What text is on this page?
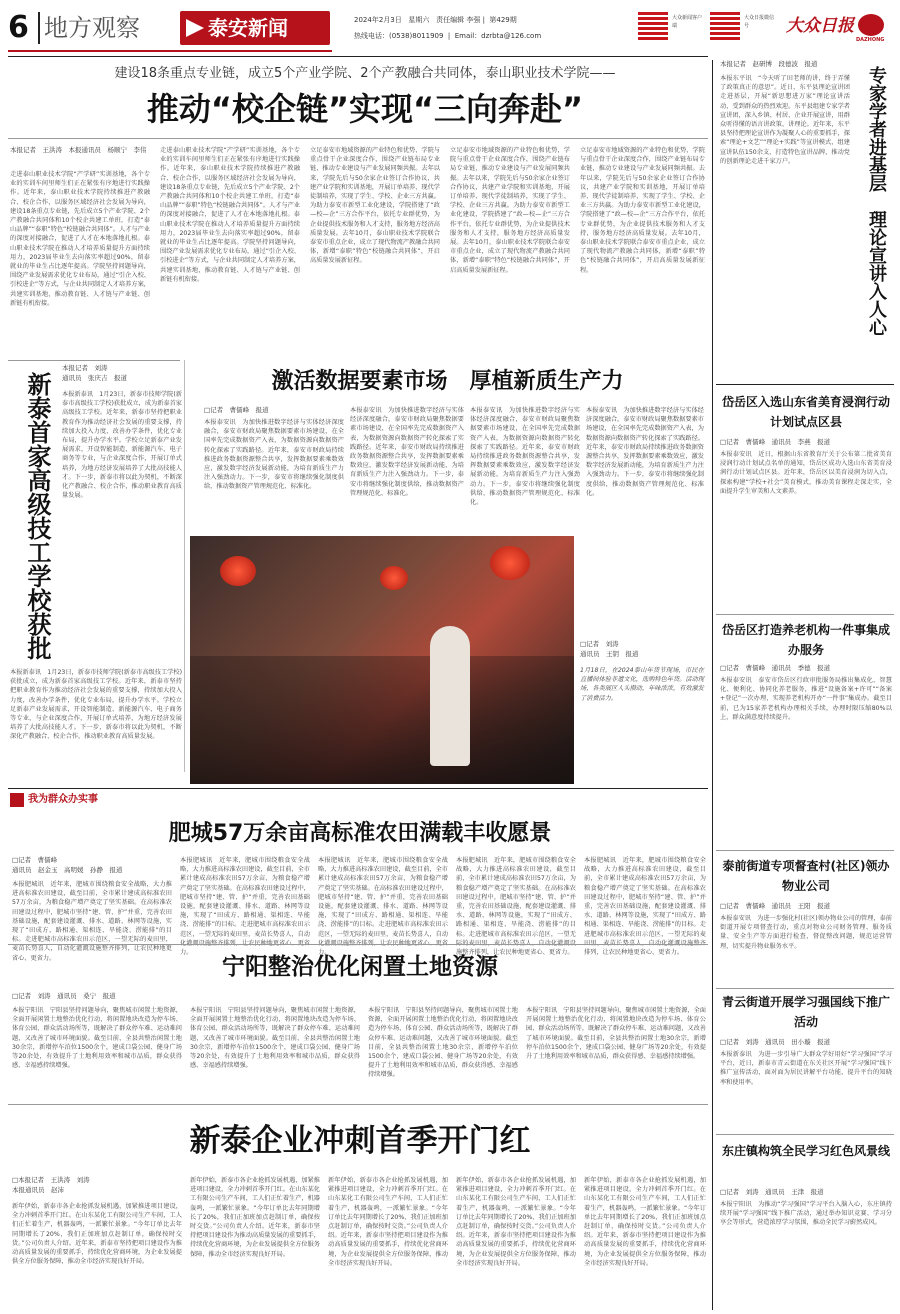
6 地方观察	泰安新闻	2024年2月3日 星期六 责任编辑 李强 |  第429期
热线电话：(0538)8011909  |  Email：dzrbta@126.com
大众新闻客户端
大众日报微信号	大众日报
DAZHONG
建设18条重点专业链，成立5个产业学院、2个产教融合共同体，泰山职业技术学院——
推动“校企链”实现“三向奔赴”
本报记者　王洪涛　本报通讯员　杨顺宁　李伟
走进泰山职业技术学院“产学研”实训基地，各个专业的实训车间里师生们正在紧张有序地进行实践操作。近年来，泰山职业技术学院持续推进产教融合、校企合作，以服务区域经济社会发展为导向，建设18条重点专业链，先后成立5个产业学院、2个产教融合共同体和10个校企共建工单班，打造“泰山品牌”“泰职”特色“校链融合共同体”。人才与产业的深度对接融合，促进了人才在本地落地扎根。泰山职业技术学院在推动人才培养质量提升方面持续用力，2023届毕业生去向落实率超过90%，留泰就业的毕业生占比逐年提高。学院坚持问题导向，围绕产业发展需求优化专业布局，通过“引企入校、引校进企”等方式，与企业共同制定人才培养方案，共建实训基地，推动教育链、人才链与产业链、创新链有机衔接。
走进泰山职业技术学院“产学研”实训基地，各个专业的实训车间里师生们正在紧张有序地进行实践操作。近年来，泰山职业技术学院持续推进产教融合、校企合作，以服务区域经济社会发展为导向，建设18条重点专业链，先后成立5个产业学院、2个产教融合共同体和10个校企共建工单班，打造“泰山品牌”“泰职”特色“校链融合共同体”。人才与产业的深度对接融合，促进了人才在本地落地扎根。泰山职业技术学院在推动人才培养质量提升方面持续用力，2023届毕业生去向落实率超过90%，留泰就业的毕业生占比逐年提高。学院坚持问题导向，围绕产业发展需求优化专业布局，通过“引企入校、引校进企”等方式，与企业共同制定人才培养方案，共建实训基地，推动教育链、人才链与产业链、创新链有机衔接。
立足泰安市地域资源的产业特色和优势，学院与重点骨干企业深度合作，围绕产业链布局专业链，推动专业建设与产业发展同频共振。去年以来，学院先后与50余家企业签订合作协议，共建产业学院和实训基地，开展订单培养、现代学徒制培养，实现了学生、学校、企业三方共赢。为助力泰安市新型工业化建设，学院搭建了“政—校—企”三方合作平台，依托专业群优势，为企业提供技术服务和人才支持，服务地方经济高质量发展。去年10月，泰山职业技术学院联合泰安市重点企业，成立了现代物流产教融合共同体，新增“泰职”特色“校链融合共同体”，开启高质量发展新征程。
立足泰安市地域资源的产业特色和优势，学院与重点骨干企业深度合作，围绕产业链布局专业链，推动专业建设与产业发展同频共振。去年以来，学院先后与50余家企业签订合作协议，共建产业学院和实训基地，开展订单培养、现代学徒制培养，实现了学生、学校、企业三方共赢。为助力泰安市新型工业化建设，学院搭建了“政—校—企”三方合作平台，依托专业群优势，为企业提供技术服务和人才支持，服务地方经济高质量发展。去年10月，泰山职业技术学院联合泰安市重点企业，成立了现代物流产教融合共同体，新增“泰职”特色“校链融合共同体”，开启高质量发展新征程。
立足泰安市地域资源的产业特色和优势，学院与重点骨干企业深度合作，围绕产业链布局专业链，推动专业建设与产业发展同频共振。去年以来，学院先后与50余家企业签订合作协议，共建产业学院和实训基地，开展订单培养、现代学徒制培养，实现了学生、学校、企业三方共赢。为助力泰安市新型工业化建设，学院搭建了“政—校—企”三方合作平台，依托专业群优势，为企业提供技术服务和人才支持，服务地方经济高质量发展。去年10月，泰山职业技术学院联合泰安市重点企业，成立了现代物流产教融合共同体，新增“泰职”特色“校链融合共同体”，开启高质量发展新征程。
本报记者　赵研博　段德波　报道
本报东平讯　“今天听了田老师的讲，终于弄懂了政策真正的意思”。近日，东平县理论宣讲团走进基层，开展“新思想进万家”理论宣讲活动，受到群众的热烈欢迎。东平县组建专家学者宣讲团，深入乡镇、村居、企业开展宣讲，用群众听得懂的语言讲政策、讲理论。近年来，东平县坚持把理论宣讲作为凝聚人心的重要抓手，探索“理论+文艺”“理论+实践”等宣讲模式，组建宣讲队伍150余支，打造特色宣讲品牌，推动党的创新理论走进千家万户。	专家学者进基层　理论宣讲入人心
本报记者　刘涛
通讯员　张庆吉　报道
新泰首家高级技工学校获批	本报新泰讯　1月23日，新泰市技师学院(新泰市高级技工学校)获批成立，成为新泰首家高级技工学校。近年来，新泰市坚持把职业教育作为推动经济社会发展的重要支撑，持续加大投入力度，改善办学条件，优化专业布局，提升办学水平。学校立足新泰产业发展需求，开设智能制造、新能源汽车、电子商务等专业，与企业深度合作，开展订单式培养，为地方经济发展培养了大批高技能人才。下一步，新泰市将以此为契机，不断深化产教融合、校企合作，推动职业教育高质量发展。
本报新泰讯　1月23日，新泰市技师学院(新泰市高级技工学校)获批成立，成为新泰首家高级技工学校。近年来，新泰市坚持把职业教育作为推动经济社会发展的重要支撑，持续加大投入力度，改善办学条件，优化专业布局，提升办学水平。学校立足新泰产业发展需求，开设智能制造、新能源汽车、电子商务等专业，与企业深度合作，开展订单式培养，为地方经济发展培养了大批高技能人才。下一步，新泰市将以此为契机，不断深化产教融合、校企合作，推动职业教育高质量发展。
激活数据要素市场　厚植新质生产力
□记者　曹儒峰　报道
本报泰安讯　为加快推进数字经济与实体经济深度融合，泰安市财政局聚焦数据要素市场建设，在全国率先完成数据资产入表，为数据资源向数据资产转化探索了实践路径。近年来，泰安市财政局持续推进政务数据资源整合共享，发挥数据要素乘数效应，激发数字经济发展新动能，为培育新质生产力注入强劲动力。下一步，泰安市将继续强化制度供给，推动数据资产管理规范化、标准化。
本报泰安讯　为加快推进数字经济与实体经济深度融合，泰安市财政局聚焦数据要素市场建设，在全国率先完成数据资产入表，为数据资源向数据资产转化探索了实践路径。近年来，泰安市财政局持续推进政务数据资源整合共享，发挥数据要素乘数效应，激发数字经济发展新动能，为培育新质生产力注入强劲动力。下一步，泰安市将继续强化制度供给，推动数据资产管理规范化、标准化。
本报泰安讯　为加快推进数字经济与实体经济深度融合，泰安市财政局聚焦数据要素市场建设，在全国率先完成数据资产入表，为数据资源向数据资产转化探索了实践路径。近年来，泰安市财政局持续推进政务数据资源整合共享，发挥数据要素乘数效应，激发数字经济发展新动能，为培育新质生产力注入强劲动力。下一步，泰安市将继续强化制度供给，推动数据资产管理规范化、标准化。
本报泰安讯　为加快推进数字经济与实体经济深度融合，泰安市财政局聚焦数据要素市场建设，在全国率先完成数据资产入表，为数据资源向数据资产转化探索了实践路径。近年来，泰安市财政局持续推进政务数据资源整合共享，发挥数据要素乘数效应，激发数字经济发展新动能，为培育新质生产力注入强劲动力。下一步，泰安市将继续强化制度供给，推动数据资产管理规范化、标准化。
□记者　刘涛
通讯员　王钥　报道
1月18日，在2024泰山年货节现场，市民在直播间体验非遗文化，选购特色年货。活动现场，各类展区人头攒动，年味浓浓，有效激发了消费活力。
岱岳区入选山东省美育浸润行动计划试点区县
□记者　曹儒峰　通讯员　李燕　报道
本报泰安讯　近日，根据山东省教育厅关于公布第二批省美育浸润行动计划试点名单的通知，岱岳区成功入选山东省美育浸润行动计划试点区县。近年来，岱岳区以美育浸润为切入点，探索构建“学校+社会”美育模式，推动美育课程走深走实，全面提升学生审美和人文素养。
岱岳区打造养老机构一件事集成办服务
□记者　曹儒峰　通讯员　季德　报道
本报泰安讯　泰安市岱岳区行政审批服务局推出集成化、智慧化、便利化、协同化养老服务，推进“设施备案+许可”“备案+登记”一次办理，实现养老机构开办“一件事”集成办。截至目前，已为15家养老机构办理相关手续，办理时限压缩80%以上，群众满意度持续提升。
我为群众办实事
肥城57万余亩高标准农田满载丰收愿景
□记者　曹儒峰
通讯员　赵金玉　高明媛　孙静　报道
本报肥城讯　近年来，肥城市围绕粮食安全战略，大力推进高标准农田建设，截至目前，全市累计建成高标准农田57万余亩，为粮食稳产增产奠定了坚实基础。在高标准农田建设过程中，肥城市坚持“建、管、护”并重，完善农田基础设施，配套建设灌溉、排水、道路、林网等设施，实现了“田成方、路相通、渠相连、旱能浇、涝能排”的目标。走进肥城市高标准农田示范区，一望无际的麦田里，麦苗长势喜人，自动化灌溉设施整齐排列，让农民种地更省心、更省力。
本报肥城讯　近年来，肥城市围绕粮食安全战略，大力推进高标准农田建设，截至目前，全市累计建成高标准农田57万余亩，为粮食稳产增产奠定了坚实基础。在高标准农田建设过程中，肥城市坚持“建、管、护”并重，完善农田基础设施，配套建设灌溉、排水、道路、林网等设施，实现了“田成方、路相通、渠相连、旱能浇、涝能排”的目标。走进肥城市高标准农田示范区，一望无际的麦田里，麦苗长势喜人，自动 力。
本报肥城讯　近年来，肥城市围绕粮食安全战略，大力推进高标准农田建设，截至目前，全市累计建成高标准农田57万余亩，为粮食稳产增产奠定了坚实基础。在高标准农田建设过程中，肥城市坚持“建、管、护”并重，完善农田基础设施，配套建设灌溉、排水、道路、林网等设施，实现了“田成方、路相通、渠相连、旱能浇、涝能排”的目标。走进肥城市高标准农田示范区，一望无际的麦田里，麦苗长势喜人，自动 力。
本报肥城讯　近年来，肥城市围绕粮食安全战略，大力推进高标准农田建设，截至目前，全市累计建成高标准农田57万余亩，为粮食稳产增产奠定了坚实基础。在高标准农田建设过程中，肥城市坚持“建、管、护”并重，完善农田基础设施，配套建设灌溉、排水、道路、林网等设施，实现了“田成方、路相通、渠相连、旱能浇、涝能排”的目标。走进肥城市高标准农田示范区，一望无 施整齐排列，让农民种地更省心、更省力。
本报肥城讯　近年来，肥城市围绕粮食安全战略，大力推进高标准农田建设，截至目前，全市累计建成高标准农田57万余亩，为粮食稳产增产奠定了坚实基础。在高标准农田建设过程中，肥城市坚持“建、管、护”并重，完善农田基础设施，配套建设灌溉、排水、道路、林网等设施，实现了“田成方、路相通、渠相连、旱能浇、涝能排”的目标。走进肥城市高标准农田示范区，一望无际的麦 排列，让农民种地更省心、更省力。
宁阳整治优化闲置土地资源
□记者　刘涛　通讯员　桑宁　报道
本报宁阳讯　宁阳县坚持问题导向，聚焦城市闲置土地资源，全面开展闲置土地整治优化行动，将闲置地块改造为停车场、体育公园、群众活动场所等，既解决了群众停车难、运动难问题，又改善了城市环境面貌。截至目前，全县共整治闲置土地30余宗，新增停车泊位1500余个，建成口袋公园、健身广场等20余处，有效提升了土地利用效率和城市品质，群众获得感、幸福感持续增强。
本报宁阳讯　宁阳县坚持问题导向，聚焦城市闲置土地资源，全面开展闲置土地整治优化行动，将闲置地块改造为停车场、体育公园、群众活动场所等，既解决了群众停车难、运动难问题，又改善了城市环境面貌。截至目前，全县共整治闲置土地30余宗，新增停车泊位1500余个，建成口袋公园、健身广场等20余处，有效提升了土地利用效率和城市品质，群众获得感、幸福感持续增强。
本报宁阳讯　宁阳县坚持问题导向，聚焦城市闲置土地资源，全面开展闲置土地整治优化行动，将闲置地块改造为停车场、体育公园、群众活动场所等，既解决了群众停车难、运动难问题，又改善了城市环境面貌。截至目前，全县共整治闲置土地30余宗，新增停车泊位1500余个，建成口袋公园、健身广场等20余处，有效提升了土地利用效率和城市品质，群众获得感、幸福感持续增强。
本报宁阳讯　宁阳县坚持问题导向，聚焦城市闲置土地资源，全面开展闲置土地整治优化行动，将闲置地块改造为停车场、体育公园、群众活动场所等，既解决了群众停车难、运动难问题，又改善了城市环境面貌。截至目前，全县共整治闲置土地30余宗，新增停车泊位1500余个，建成口袋公园、健身广场等20余处，有效提升了土地利用效率和城市品质，群众获得感、幸福感持续增强。
新泰企业冲刺首季开门红
□本报记者　王洪涛　刘涛
本报通讯员　赵沛
新年伊始，新泰市各企业抢抓发展机遇，加紧推进项目建设，全力冲刺首季开门红。在山东某化工有限公司生产车间，工人们正忙着生产，机器轰鸣，一派繁忙景象。“今年订单比去年同期增长了20%，我们正加班加点赶制订单，确保按时交货。”公司负责人介绍。近年来，新泰市坚持把项目建设作为推动高质量发展的重要抓手，持续优化营商环境，为企业发展提供全方位服务保障，推动全市经济实现良好开局。
新年伊始，新泰市各企业抢抓发展机遇，加紧推进项目建设，全力冲刺首季开门红。在山东某化工有限公司生产车间，工人们正忙着生产，机器轰鸣，一派繁忙景象。“今年订单比去年同期增长了20%，我们正加班加点赶制订单，确保按时交货。”公司负责人介绍。近年来，新泰市坚持把项目建设作为推动高质量发展的重要抓手，持续优化营商环境，为企业发展提供全方位服务保障，推动全市经济实现良好开局。
新年伊始，新泰市各企业抢抓发展机遇，加紧推进项目建设，全力冲刺首季开门红。在山东某化工有限公司生产车间，工人们正忙着生产，机器轰鸣，一派繁忙景象。“今年订单比去年同期增长了20%，我们正加班加点赶制订单，确保按时交货。”公司负责人介绍。近年来，新泰市坚持把项目建设作为推动高质量发展的重要抓手，持续优化营商环境，为企业发展提供全方位服务保障，推动全市经济实现良好开局。
新年伊始，新泰市各企业抢抓发展机遇，加紧推进项目建设，全力冲刺首季开门红。在山东某化工有限公司生产车间，工人们正忙着生产，机器轰鸣，一派繁忙景象。“今年订单比去年同期增长了20%，我们正加班加点赶制订单，确保按时交货。”公司负责人介绍。近年来，新泰市坚持把项目建设作为推动高质量发展的重要抓手，持续优化营商环境，为企业发展提供全方位服务保障，推动全市经济实现良好开局。
新年伊始，新泰市各企业抢抓发展机遇，加紧推进项目建设，全力冲刺首季开门红。在山东某化工有限公司生产车间，工人们正忙着生产，机器轰鸣，一派繁忙景象。“今年订单比去年同期增长了20%，我们正加班加点赶制订单，确保按时交货。”公司负责人介绍。近年来，新泰市坚持把项目建设作为推动高质量发展的重要抓手，持续优化营商环境，为企业发展提供全方位服务保障，推动全市经济实现良好开局。
泰前街道专项督查村(社区)领办物业公司
□记者　曹儒峰　通讯员　王阳　报道
本报泰安讯　为进一步强化村(社区)领办物业公司的管理，泰前街道开展专项督查行动，重点对物业公司财务管理、服务质量、安全生产等方面进行检查，督促整改问题，规范运营管理，切实提升物业服务水平。
青云街道开展学习强国线下推广活动
□记者　刘涛　通讯员　田小璇　报道
本报新泰讯　为进一步引导广大群众学好用好“学习强国”学习平台，近日，新泰市青云街道在东关社区开展“学习强国”线下推广宣传活动，面对面为居民讲解平台功能，提升平台的知晓率和使用率。
东庄镇构筑全民学习红色风景线
□记者　刘涛　通讯员　王津　报道
本报宁阳讯　为推动“学习强国”学习平台入脑入心，东庄镇持续开展“学习强国”线下推广活动，通过举办知识竞赛、学习分享会等形式，营造浓厚学习氛围，推动全民学习蔚然成风。
